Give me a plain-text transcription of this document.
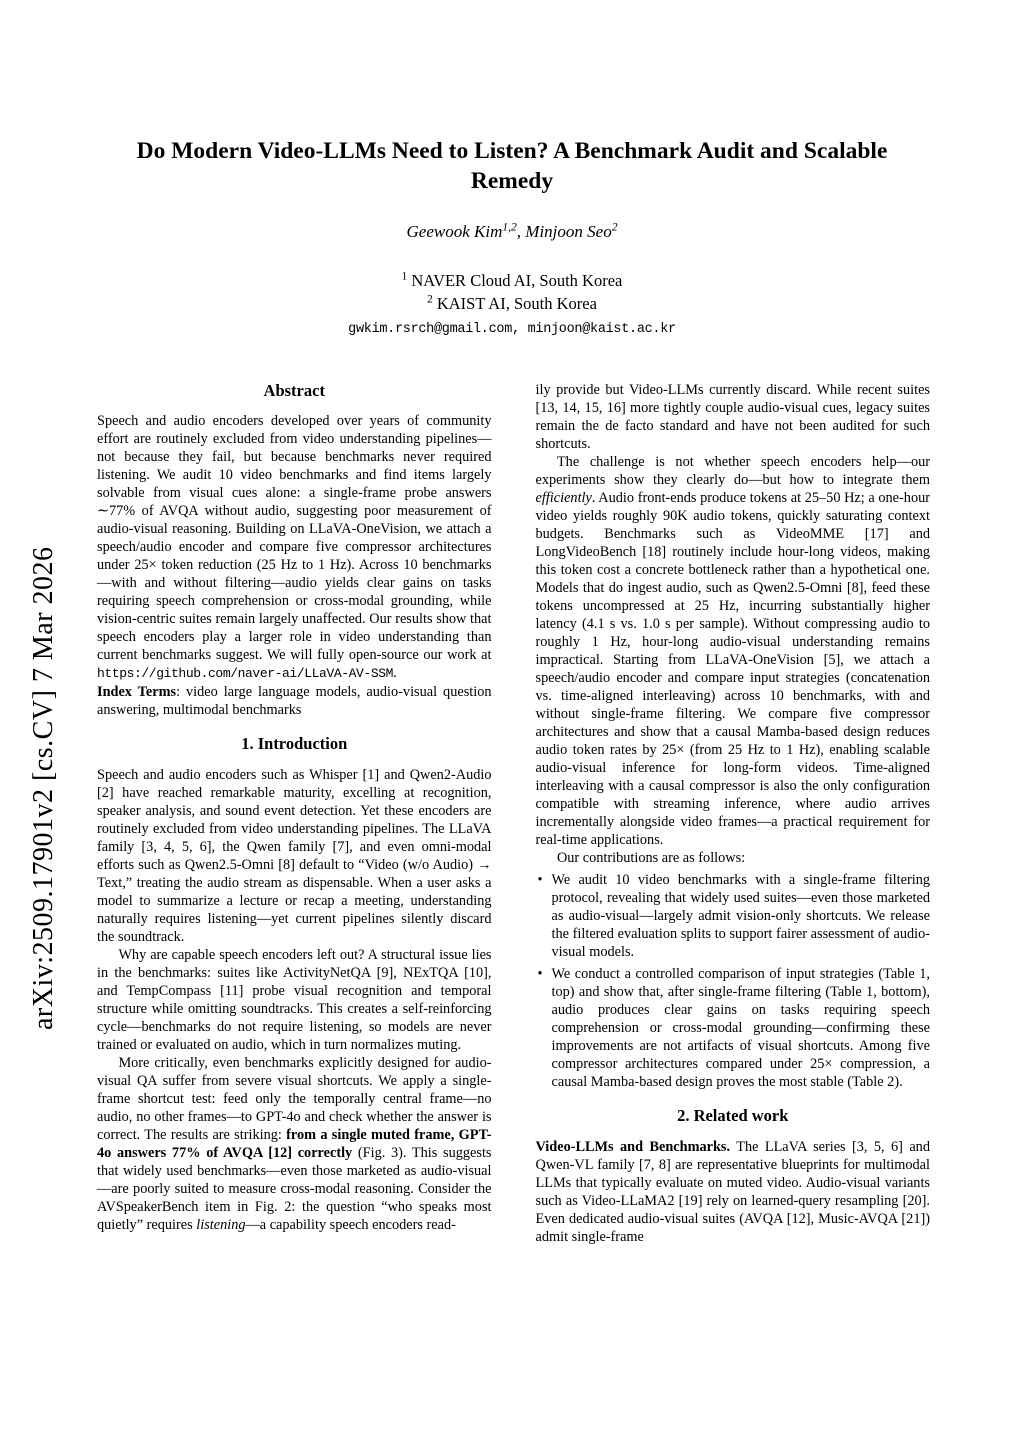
arXiv:2509.17901v2 [cs.CV] 7 Mar 2026
Do Modern Video-LLMs Need to Listen? A Benchmark Audit and Scalable Remedy
Geewook Kim$^{1,2}$, Minjoon Seo$^2$
$^1$ NAVER Cloud AI, South Korea
$^2$ KAIST AI, South Korea
gwkim.rsrch@gmail.com, minjoon@kaist.ac.kr
Abstract

Speech and audio encoders developed over years of community effort are routinely excluded from video understanding pipelines—not because they fail, but because benchmarks never required listening. We audit 10 video benchmarks and find items largely solvable from visual cues alone: a single-frame probe answers ∼77% of AVQA without audio, suggesting poor measurement of audio-visual reasoning. Building on LLaVA-OneVision, we attach a speech/audio encoder and compare five compressor architectures under 25× token reduction (25 Hz to 1 Hz). Across 10 benchmarks—with and without filtering—audio yields clear gains on tasks requiring speech comprehension or cross-modal grounding, while vision-centric suites remain largely unaffected. Our results show that speech encoders play a larger role in video understanding than current benchmarks suggest. We will fully open-source our work at https://github.com/naver-ai/LLaVA-AV-SSM.

Index Terms: video large language models, audio-visual question answering, multimodal benchmarks

1. Introduction

Speech and audio encoders such as Whisper [1] and Qwen2-Audio [2] have reached remarkable maturity, excelling at recognition, speaker analysis, and sound event detection. Yet these encoders are routinely excluded from video understanding pipelines. The LLaVA family [3, 4, 5, 6], the Qwen family [7], and even omni-modal efforts such as Qwen2.5-Omni [8] default to “Video (w/o Audio) → Text,” treating the audio stream as dispensable. When a user asks a model to summarize a lecture or recap a meeting, understanding naturally requires listening—yet current pipelines silently discard the soundtrack.

Why are capable speech encoders left out? A structural issue lies in the benchmarks: suites like ActivityNetQA [9], NExTQA [10], and TempCompass [11] probe visual recognition and temporal structure while omitting soundtracks. This creates a self-reinforcing cycle—benchmarks do not require listening, so models are never trained or evaluated on audio, which in turn normalizes muting.

More critically, even benchmarks explicitly designed for audio-visual QA suffer from severe visual shortcuts. We apply a single-frame shortcut test: feed only the temporally central frame—no audio, no other frames—to GPT-4o and check whether the answer is correct. The results are striking: from a single muted frame, GPT-4o answers 77% of AVQA [12] correctly (Fig. 3). This suggests that widely used benchmarks—even those marketed as audio-visual—are poorly suited to measure cross-modal reasoning. Consider the AVSpeakerBench item in Fig. 2: the question “who speaks most quietly” requires listening—a capability speech encoders read-

ily provide but Video-LLMs currently discard. While recent suites [13, 14, 15, 16] more tightly couple audio-visual cues, legacy suites remain the de facto standard and have not been audited for such shortcuts.

The challenge is not whether speech encoders help—our experiments show they clearly do—but how to integrate them efficiently. Audio front-ends produce tokens at 25–50 Hz; a one-hour video yields roughly 90K audio tokens, quickly saturating context budgets. Benchmarks such as VideoMME [17] and LongVideoBench [18] routinely include hour-long videos, making this token cost a concrete bottleneck rather than a hypothetical one. Models that do ingest audio, such as Qwen2.5-Omni [8], feed these tokens uncompressed at 25 Hz, incurring substantially higher latency (4.1 s vs. 1.0 s per sample). Without compressing audio to roughly 1 Hz, hour-long audio-visual understanding remains impractical. Starting from LLaVA-OneVision [5], we attach a speech/audio encoder and compare input strategies (concatenation vs. time-aligned interleaving) across 10 benchmarks, with and without single-frame filtering. We compare five compressor architectures and show that a causal Mamba-based design reduces audio token rates by 25× (from 25 Hz to 1 Hz), enabling scalable audio-visual inference for long-form videos. Time-aligned interleaving with a causal compressor is also the only configuration compatible with streaming inference, where audio arrives incrementally alongside video frames—a practical requirement for real-time applications.

Our contributions are as follows:

• We audit 10 video benchmarks with a single-frame filtering protocol, revealing that widely used suites—even those marketed as audio-visual—largely admit vision-only shortcuts. We release the filtered evaluation splits to support fairer assessment of audio-visual models.
• We conduct a controlled comparison of input strategies (Table 1, top) and show that, after single-frame filtering (Table 1, bottom), audio produces clear gains on tasks requiring speech comprehension or cross-modal grounding—confirming these improvements are not artifacts of visual shortcuts. Among five compressor architectures compared under 25× compression, a causal Mamba-based design proves the most stable (Table 2).
2. Related work

Video-LLMs and Benchmarks. The LLaVA series [3, 5, 6] and Qwen-VL family [7, 8] are representative blueprints for multimodal LLMs that typically evaluate on muted video. Audio-visual variants such as Video-LLaMA2 [19] rely on learned-query resampling [20]. Even dedicated audio-visual suites (AVQA [12], Music-AVQA [21]) admit single-frame
